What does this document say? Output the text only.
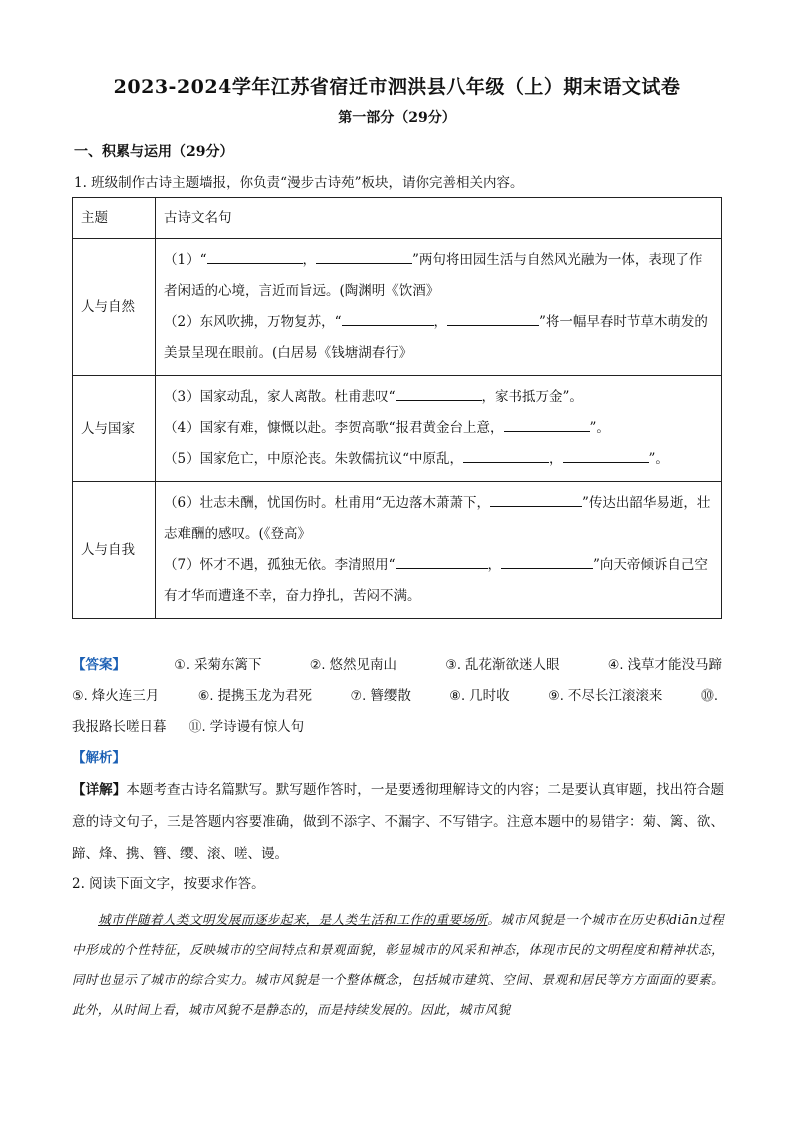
2023-2024学年江苏省宿迁市泗洪县八年级（上）期末语文试卷
第一部分（29分）
一、积累与运用（29分）
1. 班级制作古诗主题墙报，你负责“漫步古诗苑”板块，请你完善相关内容。
主题	古诗文名句
人与自然	（1）“ ， ”两句将田园生活与自然风光融为一体，表现了作者闲适的心境，言近而旨远。(陶渊明《饮酒》
（2）东风吹拂，万物复苏，“ ， ”将一幅早春时节草木萌发的美景呈现在眼前。(白居易《钱塘湖春行》

人与国家	（3）国家动乱，家人离散。杜甫悲叹“ ，家书抵万金”。
（4）国家有难，慷慨以赴。李贺高歌“报君黄金台上意， ”。
（5）国家危亡，中原沦丧。朱敦儒抗议“中原乱， ， ”。

人与自我	（6）壮志未酬，忧国伤时。杜甫用“无边落木萧萧下， ”传达出韶华易逝，壮志难酬的感叹。(《登高》
（7）怀才不遇，孤独无依。李清照用“ ， ”向天帝倾诉自己空有才华而遭逢不幸，奋力挣扎，苦闷不满。
【答案】	①. 采菊东篱下	②. 悠然见南山	③. 乱花渐欲迷人眼	④. 浅草才能没马蹄
⑤. 烽火连三月	⑥. 提携玉龙为君死	⑦. 簪缨散	⑧. 几时收	⑨. 不尽长江滚滚来	⓾.
我报路长嗟日暮 ⑪. 学诗谩有惊人句
【解析】
【详解】本题考查古诗名篇默写。默写题作答时，一是要透彻理解诗文的内容；二是要认真审题，找出符合题意的诗文句子，三是答题内容要准确，做到不添字、不漏字、不写错字。注意本题中的易错字：菊、篱、欲、蹄、烽、携、簪、缨、滚、嗟、谩。
2. 阅读下面文字，按要求作答。

城市伴随着人类文明发展而逐步起来，是人类生活和工作的重要场所。城市风貌是一个城市在历史积diān过程中形成的个性特征，反映城市的空间特点和景观面貌，彰显城市的风采和神态，体现市民的文明程度和精神状态，同时也显示了城市的综合实力。城市风貌是一个整体概念，包括城市建筑、空间、景观和居民等方方面面的要素。此外，从时间上看，城市风貌不是静态的，而是持续发展的。因此，城市风貌
